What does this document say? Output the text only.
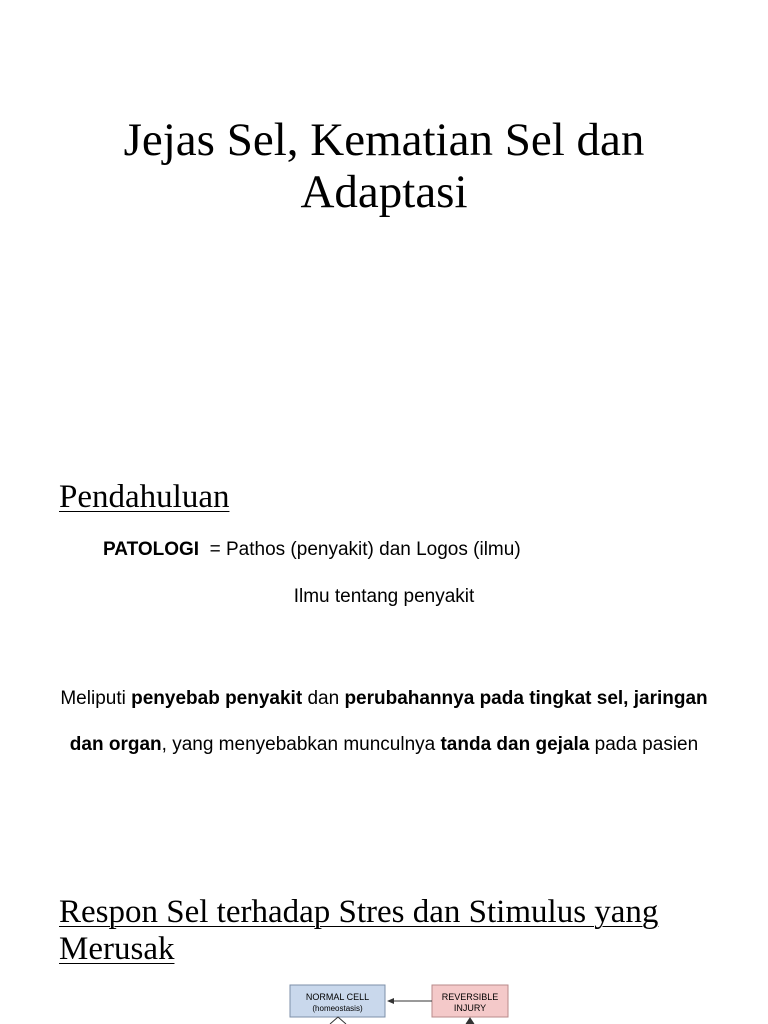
Jejas Sel, Kematian Sel dan Adaptasi
Pendahuluan

PATOLOGI  = Pathos (penyakit) dan Logos (ilmu)

Ilmu tentang penyakit

Meliputi penyebab penyakit dan perubahannya pada tingkat sel, jaringan dan organ, yang menyebabkan munculnya tanda dan gejala pada pasien

Respon Sel terhadap Stres dan Stimulus yang Merusak
NORMAL CELL
(homeostasis)
REVERSIBLE
INJURY
